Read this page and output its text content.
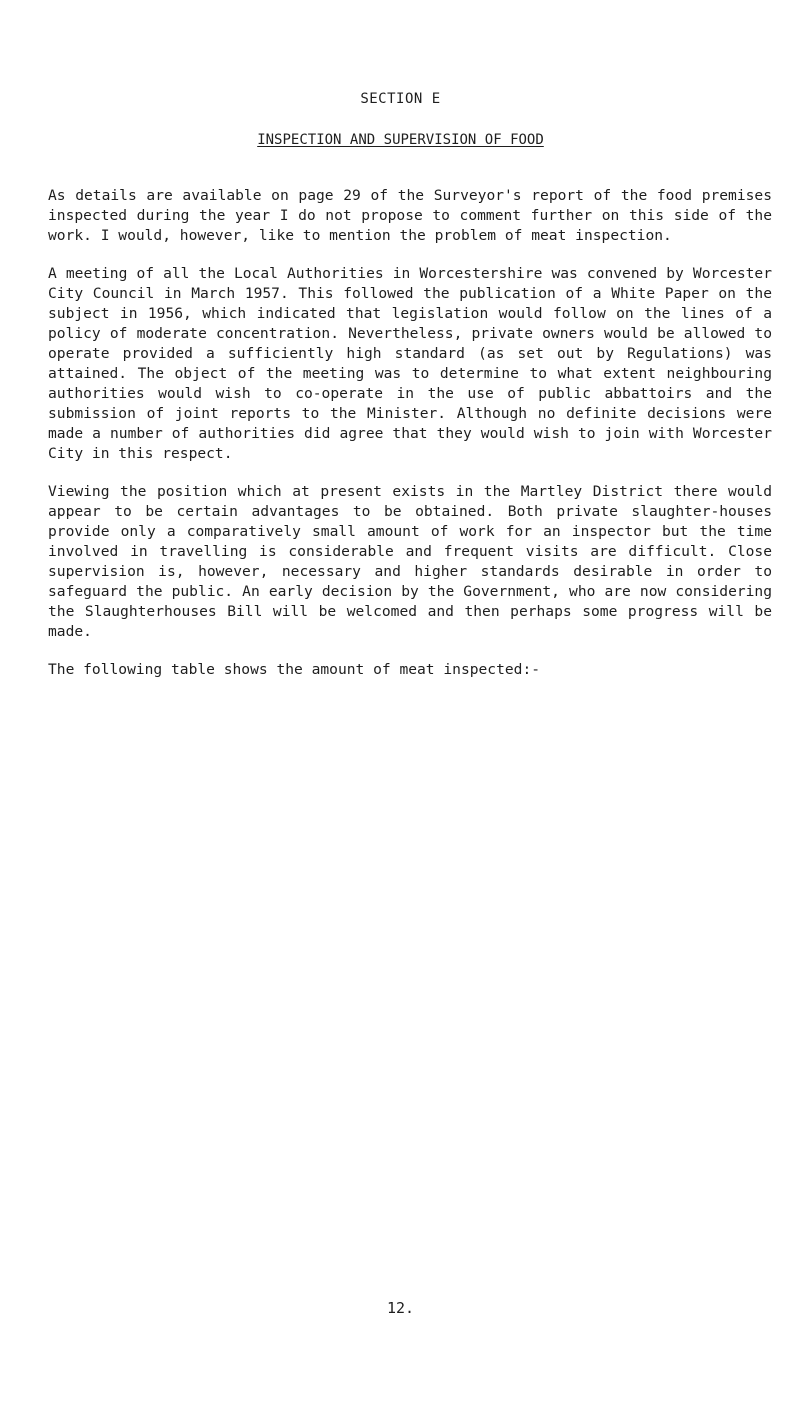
SECTION E
INSPECTION AND SUPERVISION OF FOOD

As details are available on page 29 of the Surveyor's report of the food premises inspected during the year I do not propose to comment further on this side of the work. I would, however, like to mention the problem of meat inspection.

A meeting of all the Local Authorities in Worcestershire was convened by Worcester City Council in March 1957. This followed the publication of a White Paper on the subject in 1956, which indicated that legislation would follow on the lines of a policy of moderate concentration. Nevertheless, private owners would be allowed to operate provided a sufficiently high standard (as set out by Regulations) was attained. The object of the meeting was to determine to what extent neighbouring authorities would wish to co-operate in the use of public abbattoirs and the submission of joint reports to the Minister. Although no definite decisions were made a number of authorities did agree that they would wish to join with Worcester City in this respect.

Viewing the position which at present exists in the Martley District there would appear to be certain advantages to be obtained. Both private slaughter-houses provide only a comparatively small amount of work for an inspector but the time involved in travelling is considerable and frequent visits are difficult. Close supervision is, however, necessary and higher standards desirable in order to safeguard the public. An early decision by the Government, who are now considering the Slaughterhouses Bill will be welcomed and then perhaps some progress will be made.

The following table shows the amount of meat inspected:-

12.
